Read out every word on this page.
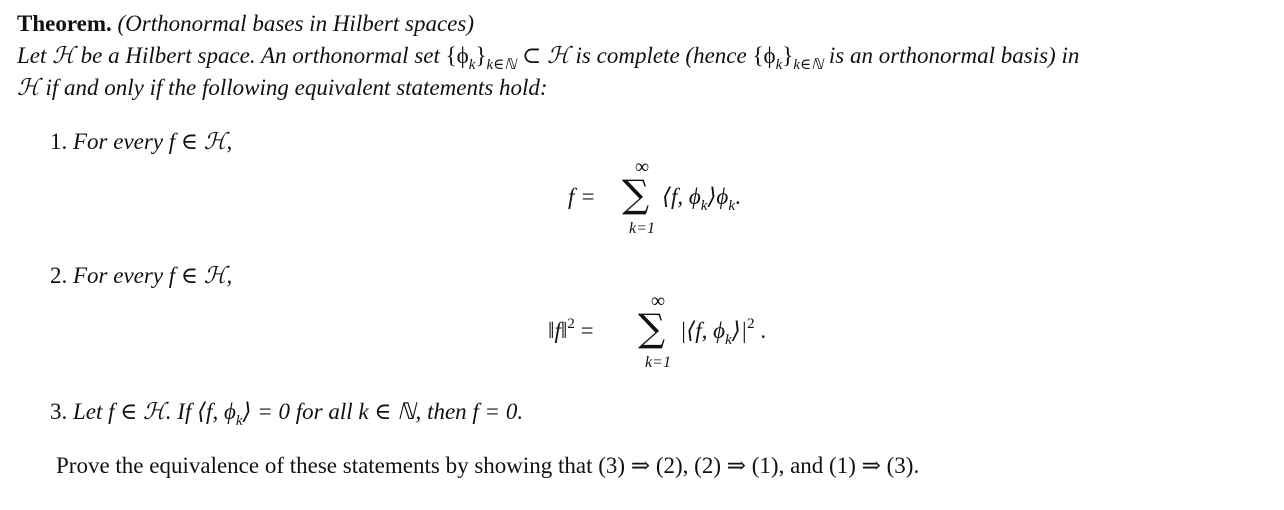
Theorem. (Orthonormal bases in Hilbert spaces)
Let ℋ be a Hilbert space. An orthonormal set $\{\phi_k\}_{k\in ℕ}$ ⊂ ℋ is complete (hence $\{\phi_k\}_{k\in ℕ}$ is an orthonormal basis) in
ℋ if and only if the following equivalent statements hold:
1. For every f ∈ ℋ,
f =
∞
∑
k=1
⟨f, $\phi_k⟩\phi_k$.
2. For every f ∈ ℋ,
‖f‖$^2$ =
∞
∑
k=1
|⟨f, $\phi_k⟩|^2$ .
3. Let f ∈ ℋ. If ⟨f, $\phi_k⟩ = 0$ for all k ∈ ℕ, then f = 0.
Prove the equivalence of these statements by showing that (3) ⇒ (2), (2) ⇒ (1), and (1) ⇒ (3).
